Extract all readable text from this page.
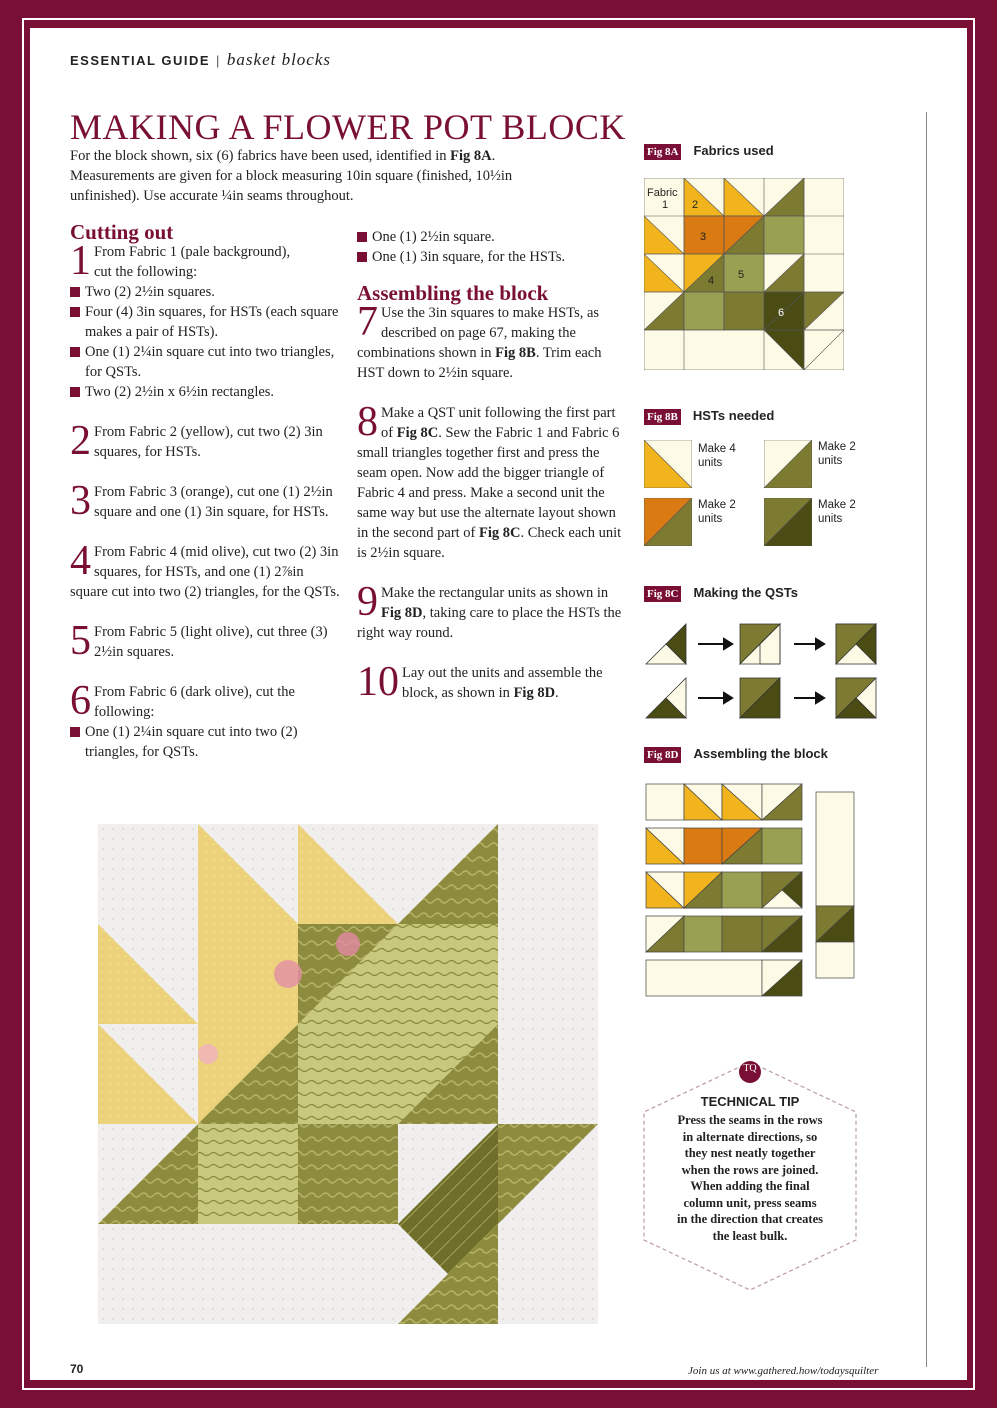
ESSENTIAL GUIDE | basket blocks
MAKING A FLOWER POT BLOCK
For the block shown, six (6) fabrics have been used, identified in Fig 8A.
Measurements are given for a block measuring 10in square (finished, 10½in
unfinished). Use accurate ¼in seams throughout.
Cutting out
1 From Fabric 1 (pale background),
cut the following:
Two (2) 2½in squares.
Four (4) 3in squares, for HSTs (each square makes a pair of HSTs).
One (1) 2¼in square cut into two triangles, for QSTs.
Two (2) 2½in x 6½in rectangles.
2 From Fabric 2 (yellow), cut two (2) 3in squares, for HSTs.
3 From Fabric 3 (orange), cut one (1) 2½in square and one (1) 3in square, for HSTs.
4 From Fabric 4 (mid olive), cut two (2) 3in squares, for HSTs, and one (1) 2⅞in square cut into two (2) triangles, for the QSTs.
5 From Fabric 5 (light olive), cut three (3) 2½in squares.
6 From Fabric 6 (dark olive), cut the following:
One (1) 2¼in square cut into two (2) triangles, for QSTs.
One (1) 2½in square.
One (1) 3in square, for the HSTs.
Assembling the block
7 Use the 3in squares to make HSTs, as described on page 67, making the combinations shown in Fig 8B. Trim each HST down to 2½in square.
8 Make a QST unit following the first part of Fig 8C. Sew the Fabric 1 and Fabric 6 small triangles together first and press the seam open. Now add the bigger triangle of Fabric 4 and press. Make a second unit the same way but use the alternate layout shown in the second part of Fig 8C. Check each unit is 2½in square.
9 Make the rectangular units as shown in Fig 8D, taking care to place the HSTs the right way round.
10 Lay out the units and assemble the block, as shown in Fig 8D.
Fig 8A Fabrics used
Fabric
1 2
3
4 5
6
Fig 8B HSTs needed
Make 4 units
Make 2 units
Make 2 units
Make 2 units
Fig 8C Making the QSTs
Fig 8D Assembling the block
TQ
TECHNICAL TIP
Press the seams in the rows
in alternate directions, so
they nest neatly together
when the rows are joined.
When adding the final
column unit, press seams
in the direction that creates
the least bulk.
70	Join us at www.gathered.how/todaysquilter
